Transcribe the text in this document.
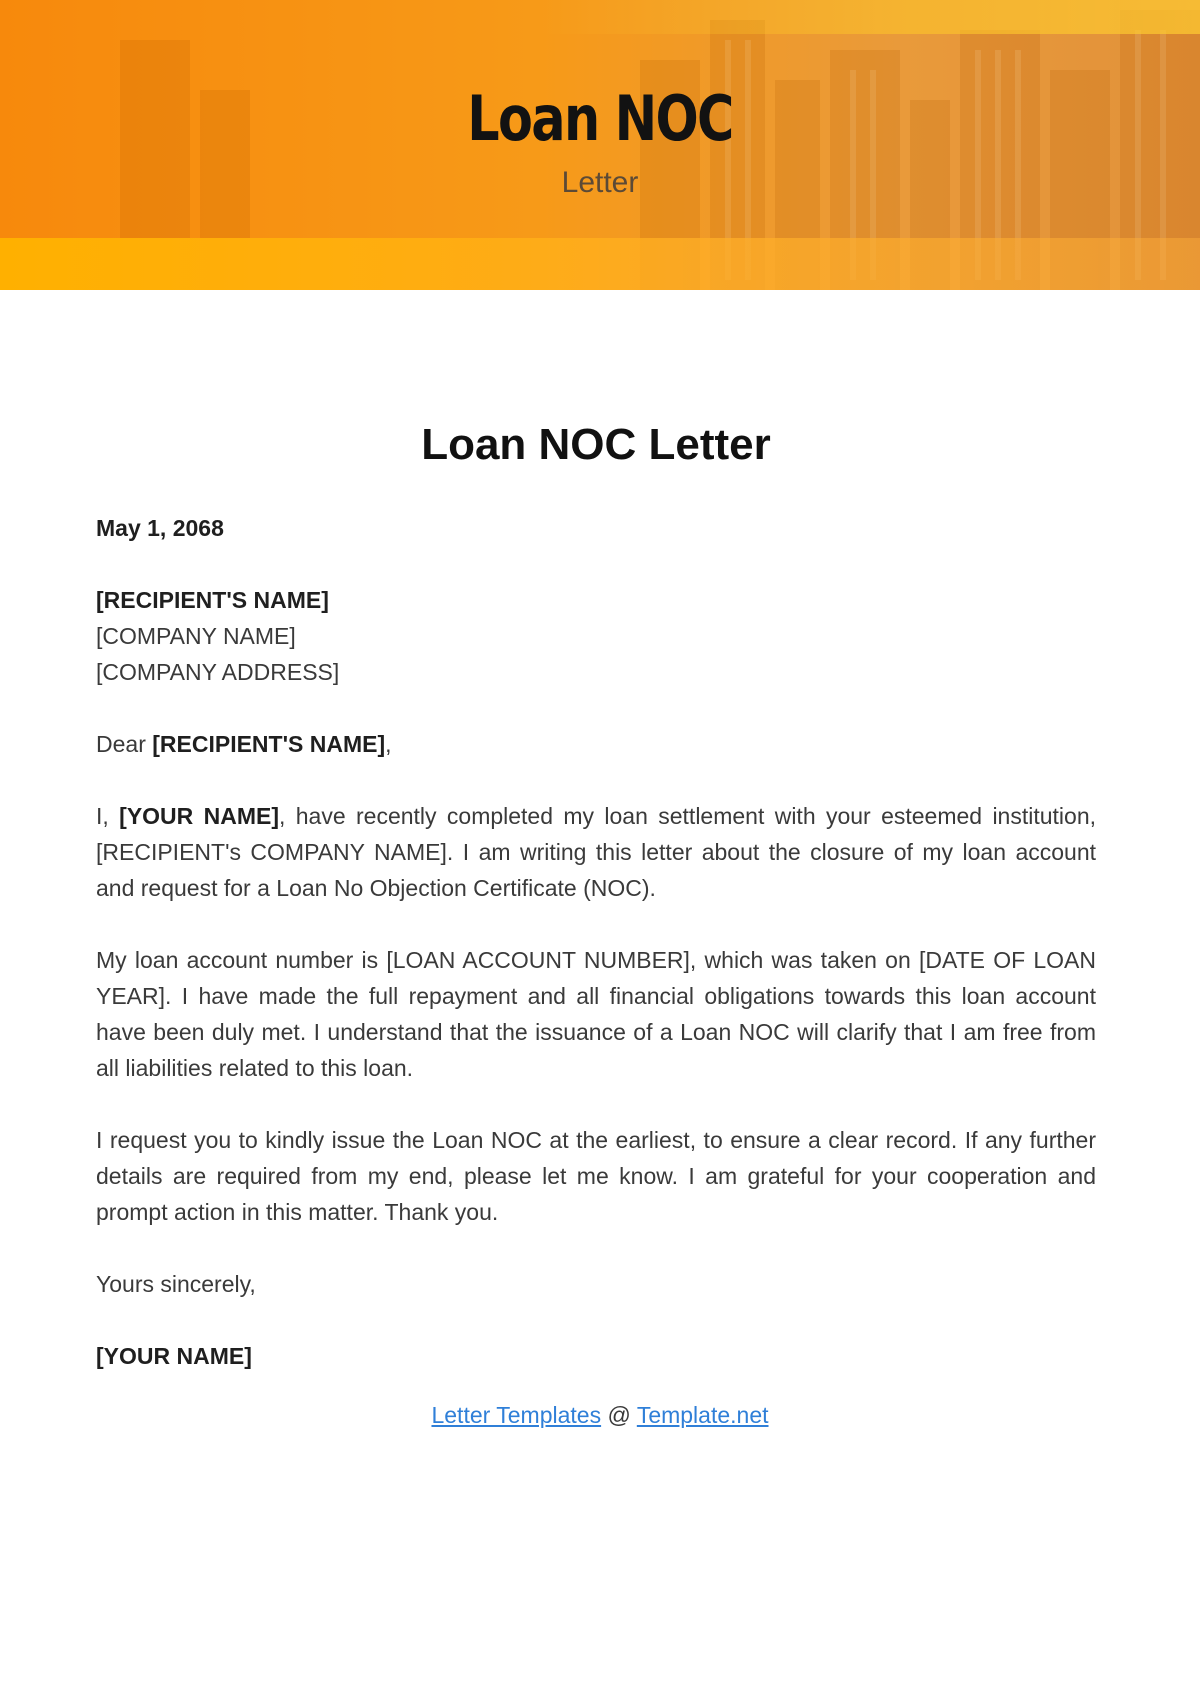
Loan NOC
Letter
Loan NOC Letter

May 1, 2068

[RECIPIENT'S NAME]

[COMPANY NAME]

[COMPANY ADDRESS]

Dear [RECIPIENT'S NAME],

I, [YOUR NAME], have recently completed my loan settlement with your esteemed institution, [RECIPIENT's COMPANY NAME]. I am writing this letter about the closure of my loan account and request for a Loan No Objection Certificate (NOC).

My loan account number is [LOAN ACCOUNT NUMBER], which was taken on [DATE OF LOAN YEAR]. I have made the full repayment and all financial obligations towards this loan account have been duly met. I understand that the issuance of a Loan NOC will clarify that I am free from all liabilities related to this loan.

I request you to kindly issue the Loan NOC at the earliest, to ensure a clear record. If any further details are required from my end, please let me know. I am grateful for your cooperation and prompt action in this matter. Thank you.

Yours sincerely,

[YOUR NAME]

Letter Templates @ Template.net
